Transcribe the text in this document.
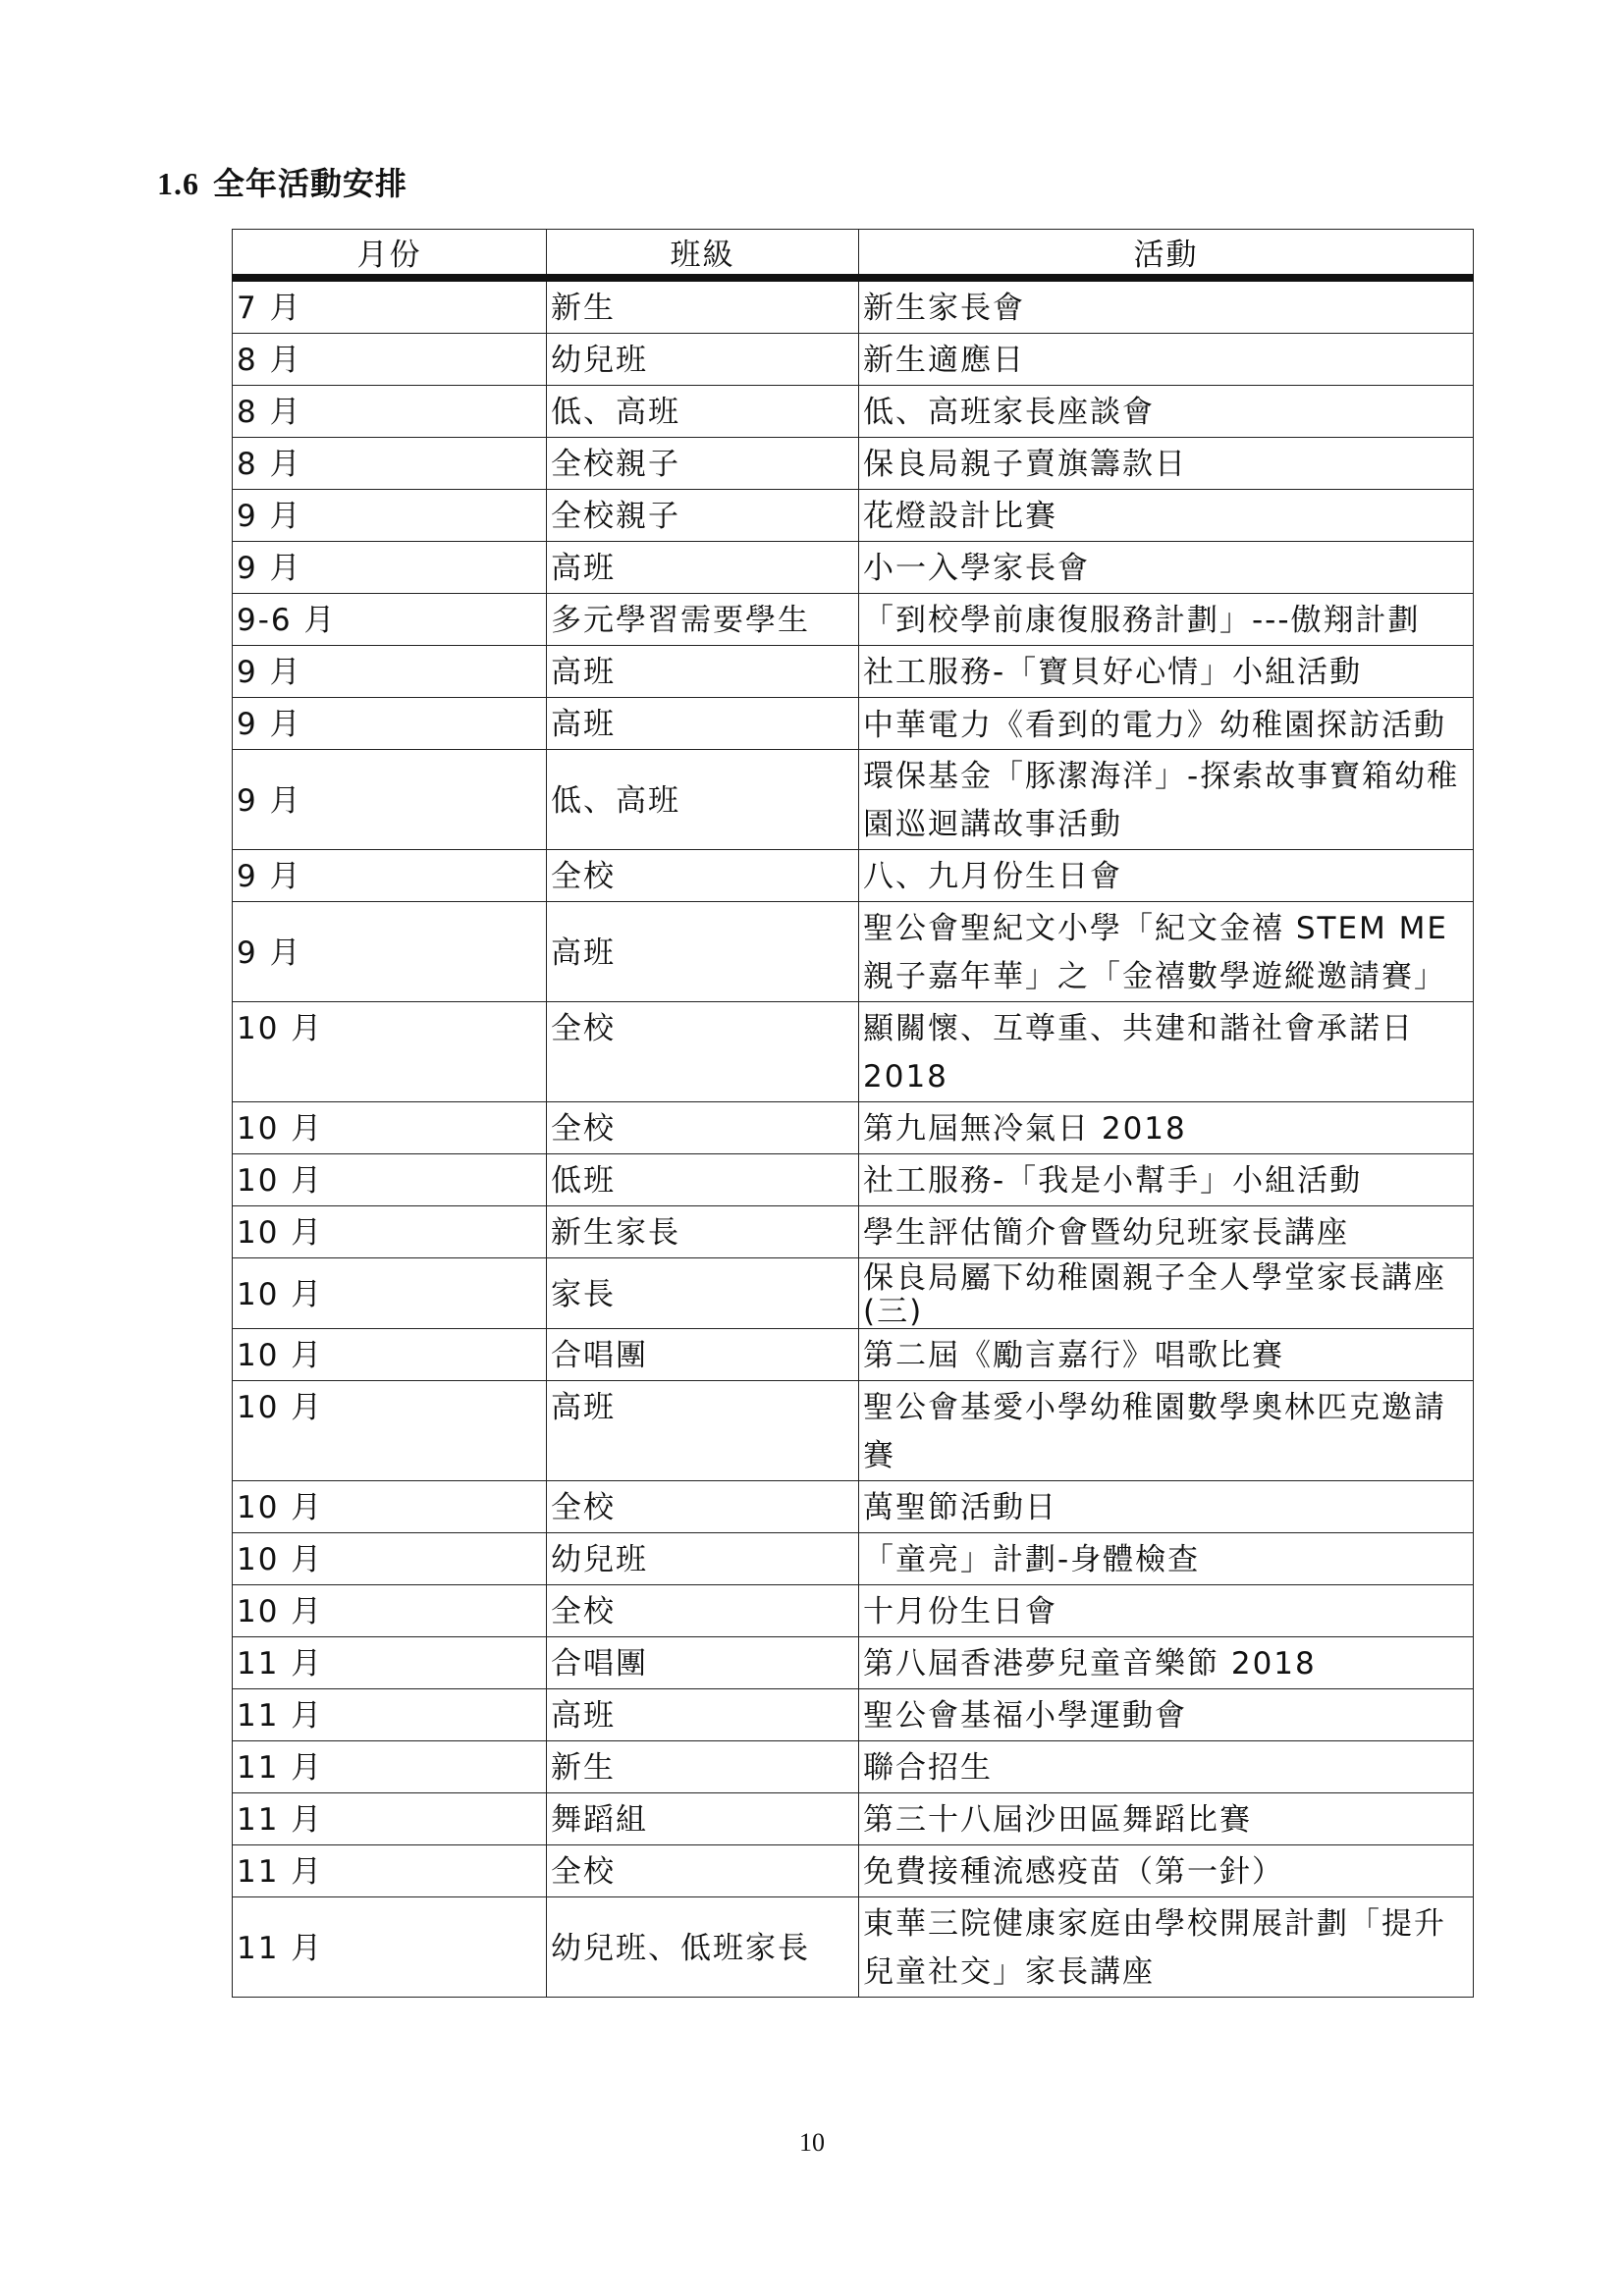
1.6 全年活動安排
月份	班級	活動
7 月	新生	新生家長會
8 月	幼兒班	新生適應日
8 月	低、高班	低、高班家長座談會
8 月	全校親子	保良局親子賣旗籌款日
9 月	全校親子	花燈設計比賽
9 月	高班	小一入學家長會
9-6 月	多元學習需要學生	「到校學前康復服務計劃」---傲翔計劃
9 月	高班	社工服務-「寶貝好心情」小組活動
9 月	高班	中華電力《看到的電力》幼稚園探訪活動
9 月	低、高班	環保基金「豚潔海洋」-探索故事寶箱幼稚園巡迴講故事活動
9 月	全校	八、九月份生日會
9 月	高班	聖公會聖紀文小學「紀文金禧 STEM ME 親子嘉年華」之「金禧數學遊縱邀請賽」
10 月	全校	顯關懷、互尊重、共建和諧社會承諾日 2018
10 月	全校	第九屆無冷氣日 2018
10 月	低班	社工服務-「我是小幫手」小組活動
10 月	新生家長	學生評估簡介會暨幼兒班家長講座
10 月	家長	保良局屬下幼稚園親子全人學堂家長講座(三)
10 月	合唱團	第二屆《勵言嘉行》唱歌比賽
10 月	高班	聖公會基愛小學幼稚園數學奧林匹克邀請賽
10 月	全校	萬聖節活動日
10 月	幼兒班	「童亮」計劃-身體檢查
10 月	全校	十月份生日會
11 月	合唱團	第八屆香港夢兒童音樂節 2018
11 月	高班	聖公會基福小學運動會
11 月	新生	聯合招生
11 月	舞蹈組	第三十八屆沙田區舞蹈比賽
11 月	全校	免費接種流感疫苗（第一針）
11 月	幼兒班、低班家長	東華三院健康家庭由學校開展計劃「提升兒童社交」家長講座
10
